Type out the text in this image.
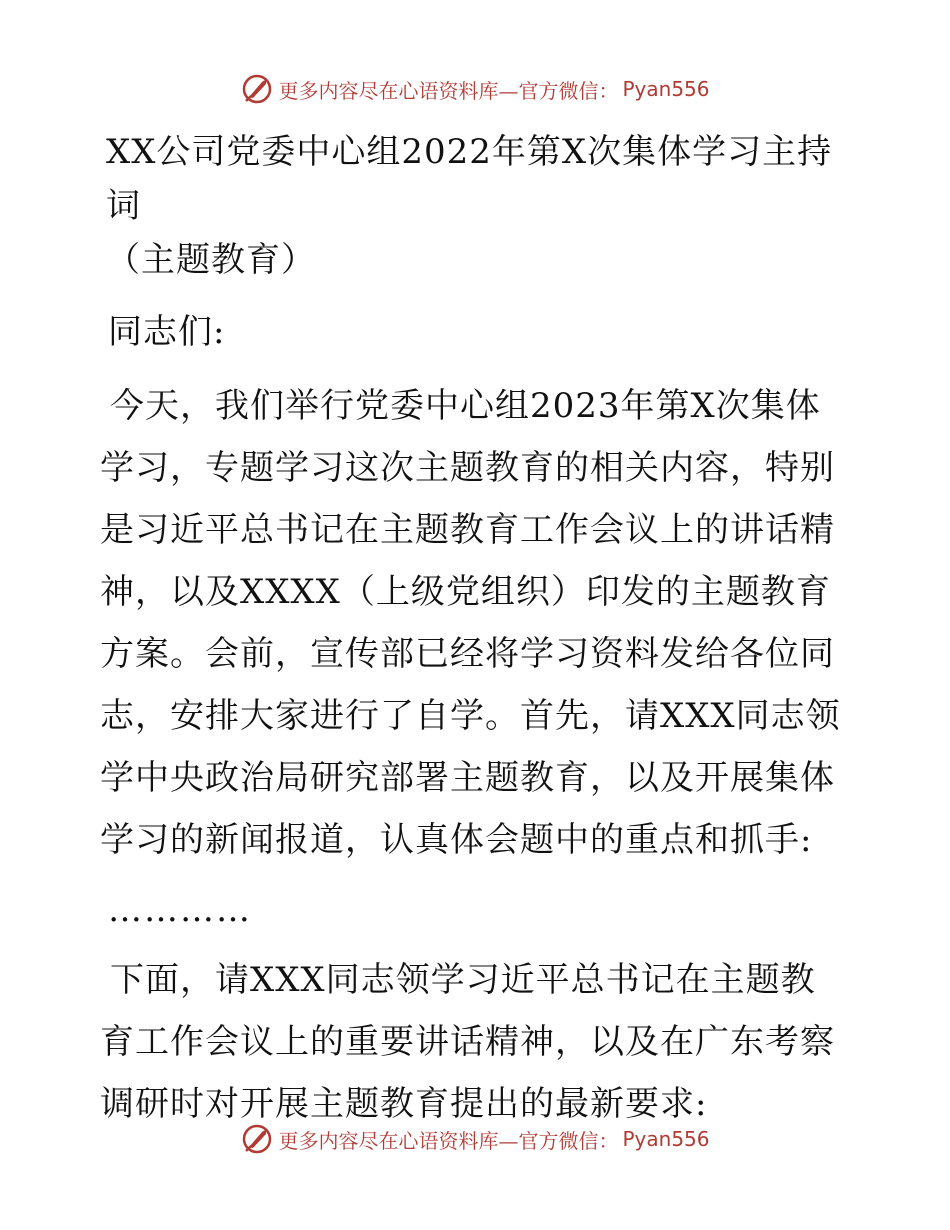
更多内容尽在心语资料库—官方微信： Pyan556
XX公司党委中心组2022年第X次集体学习主持词
（主题教育）

同志们:

今天，我们举行党委中心组2023年第X次集体学习，专题学习这次主题教育的相关内容，特别是习近平总书记在主题教育工作会议上的讲话精神，以及XXXX（上级党组织）印发的主题教育方案。会前，宣传部已经将学习资料发给各位同志，安排大家进行了自学。首先，请XXX同志领学中央政治局研究部署主题教育，以及开展集体学习的新闻报道，认真体会题中的重点和抓手:

…………

下面，请XXX同志领学习近平总书记在主题教育工作会议上的重要讲话精神，以及在广东考察调研时对开展主题教育提出的最新要求:

更多内容尽在心语资料库—官方微信： Pyan556
